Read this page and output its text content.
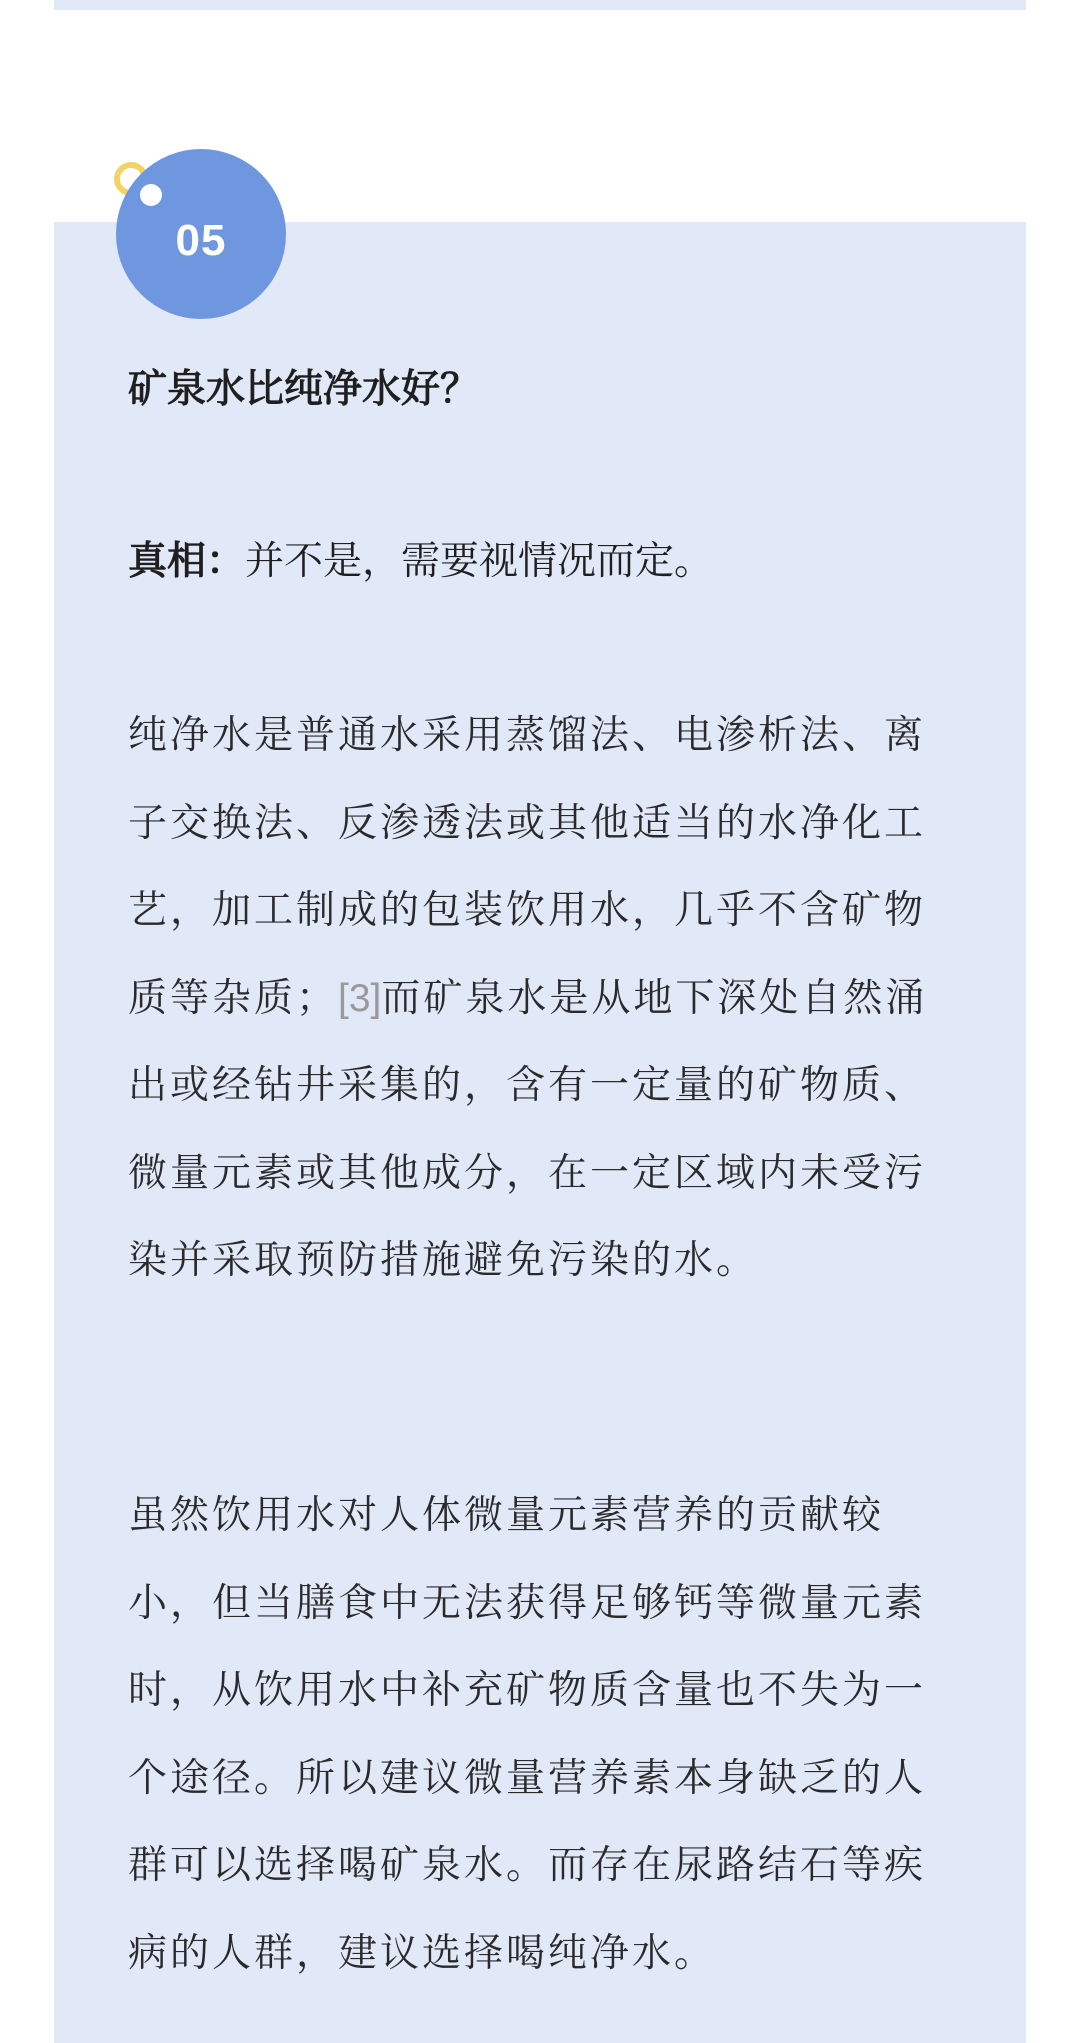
05
矿泉水比纯净水好？

真相：并不是，需要视情况而定。

纯净水是普通水采用蒸馏法、电渗析法、离子交换法、反渗透法或其他适当的水净化工艺，加工制成的包装饮用水，几乎不含矿物质等杂质；[3]而矿泉水是从地下深处自然涌出或经钻井采集的，含有一定量的矿物质、微量元素或其他成分，在一定区域内未受污染并采取预防措施避免污染的水。

虽然饮用水对人体微量元素营养的贡献较小，但当膳食中无法获得足够钙等微量元素时，从饮用水中补充矿物质含量也不失为一个途径。所以建议微量营养素本身缺乏的人群可以选择喝矿泉水。而存在尿路结石等疾病的人群，建议选择喝纯净水。
